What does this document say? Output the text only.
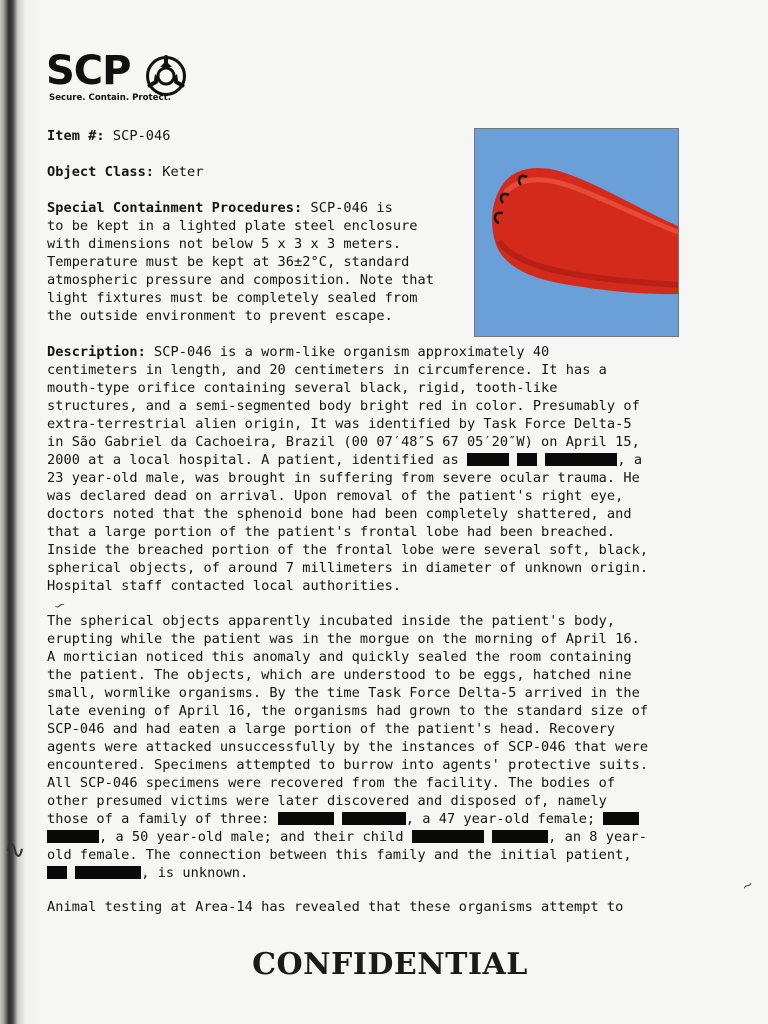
∿
∽
∼
SCP
Secure. Contain. Protect.
Item #: SCP-046
Object Class: Keter
Special Containment Procedures: SCP-046 is
to be kept in a lighted plate steel enclosure
with dimensions not below 5 x 3 x 3 meters.
Temperature must be kept at 36±2°C, standard
atmospheric pressure and composition. Note that
light fixtures must be completely sealed from
the outside environment to prevent escape.
Description: SCP-046 is a worm-like organism approximately 40
centimeters in length, and 20 centimeters in circumference. It has a
mouth-type orifice containing several black, rigid, tooth-like
structures, and a semi-segmented body bright red in color. Presumably of
extra-terrestrial alien origin, It was identified by Task Force Delta-5
in São Gabriel da Cachoeira, Brazil (00 07′48″S 67 05′20″W) on April 15,
2000 at a local hospital. A patient, identified as	, a
23 year-old male, was brought in suffering from severe ocular trauma. He
was declared dead on arrival. Upon removal of the patient's right eye,
doctors noted that the sphenoid bone had been completely shattered, and
that a large portion of the patient's frontal lobe had been breached.
Inside the breached portion of the frontal lobe were several soft, black,
spherical objects, of around 7 millimeters in diameter of unknown origin.
Hospital staff contacted local authorities.
The spherical objects apparently incubated inside the patient's body,
erupting while the patient was in the morgue on the morning of April 16.
A mortician noticed this anomaly and quickly sealed the room containing
the patient. The objects, which are understood to be eggs, hatched nine
small, wormlike organisms. By the time Task Force Delta-5 arrived in the
late evening of April 16, the organisms had grown to the standard size of
SCP-046 and had eaten a large portion of the patient's head. Recovery
agents were attacked unsuccessfully by the instances of SCP-046 that were
encountered. Specimens attempted to burrow into agents' protective suits.
All SCP-046 specimens were recovered from the facility. The bodies of
other presumed victims were later discovered and disposed of, namely
those of a family of three:	, a 47 year-old female;
, a 50 year-old male; and their child	, an 8 year-
old female. The connection between this family and the initial patient,
, is unknown.
Animal testing at Area-14 has revealed that these organisms attempt to
CONFIDENTIAL
